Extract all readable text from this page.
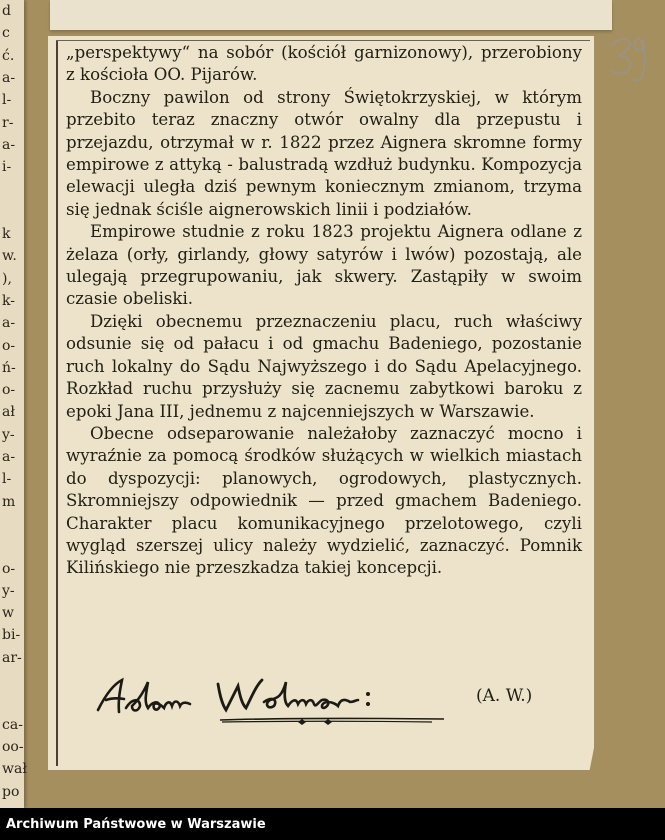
d
c
ć.
a-
l-
r-
a-
i-
k
w.
),
k-
a-
o-
ń-
o-
ał
y-
a-
l-
m
o-
y-
w
bi-
ar-
ca-
oo-
wał
po

„perspektywy“ na sobór (kościół garnizonowy), przerobiony z kościoła OO. Pijarów.

Boczny pawilon od strony Świętokrzyskiej, w którym przebito teraz znaczny otwór owalny dla przepustu i przejazdu, otrzymał w r. 1822 przez Aignera skromne formy empirowe z attyką - balustradą wzdłuż budynku. Kompozycja elewacji uległa dziś pewnym koniecznym zmianom, trzyma się jednak ściśle aignerowskich linii i podziałów.

Empirowe studnie z roku 1823 projektu Aignera odlane z żelaza (orły, girlandy, głowy satyrów i lwów) pozostają, ale ulegają przegrupowaniu, jak skwery. Zastąpiły w swoim czasie obeliski.

Dzięki obecnemu przeznaczeniu placu, ruch właściwy odsunie się od pałacu i od gmachu Badeniego, pozostanie ruch lokalny do Sądu Najwyższego i do Sądu Apelacyjnego. Rozkład ruchu przysłuży się zacnemu zabytkowi baroku z epoki Jana III, jednemu z najcenniejszych w Warszawie.

Obecne odseparowanie należałoby zaznaczyć mocno i wyraźnie za pomocą środków służących w wielkich miastach do dyspozycji: planowych, ogrodowych, plastycznych. Skromniejszy odpowiednik — przed gmachem Badeniego. Charakter placu komunikacyjnego przelotowego, czyli wygląd szerszej ulicy należy wydzielić, zaznaczyć. Pomnik Kilińskiego nie przeszkadza takiej koncepcji.

(A. W.)
Archiwum Państwowe w Warszawie
